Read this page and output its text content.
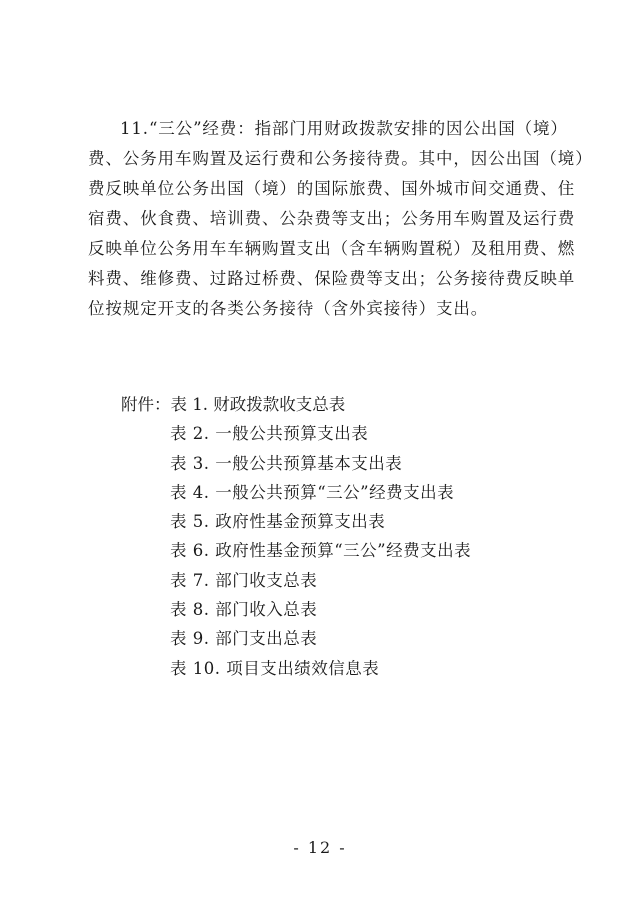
11.“三公”经费：指部门用财政拨款安排的因公出国（境）
费、公务用车购置及运行费和公务接待费。其中，因公出国（境）
费反映单位公务出国（境）的国际旅费、国外城市间交通费、住
宿费、伙食费、培训费、公杂费等支出；公务用车购置及运行费
反映单位公务用车车辆购置支出（含车辆购置税）及租用费、燃
料费、维修费、过路过桥费、保险费等支出；公务接待费反映单
位按规定开支的各类公务接待（含外宾接待）支出。
附件：表 1. 财政拨款收支总表
表 2. 一般公共预算支出表
表 3. 一般公共预算基本支出表
表 4. 一般公共预算“三公”经费支出表
表 5. 政府性基金预算支出表
表 6. 政府性基金预算“三公”经费支出表
表 7. 部门收支总表
表 8. 部门收入总表
表 9. 部门支出总表
表 10. 项目支出绩效信息表
- 12 -
